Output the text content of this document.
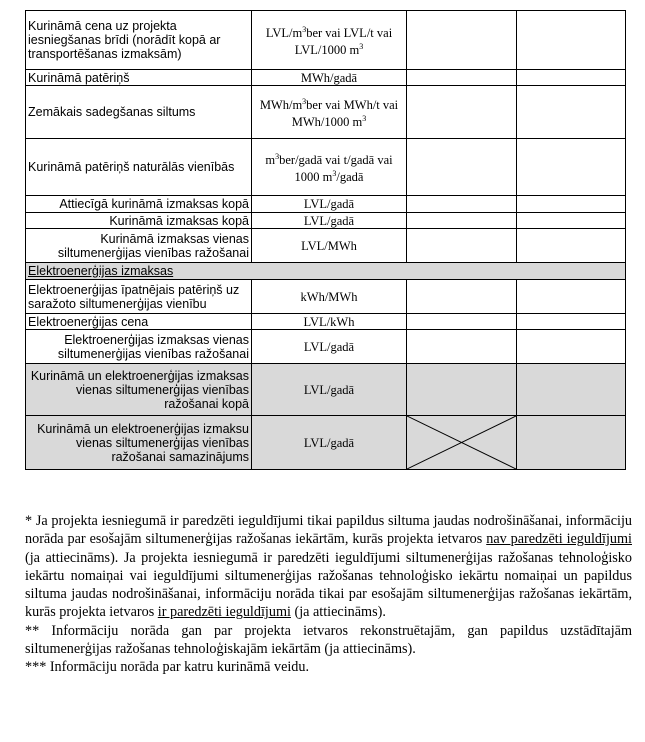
Kurināmā cena uz projekta iesniegšanas brīdi (norādīt kopā ar transportēšanas izmaksām)	LVL/$m^3ber$ vai LVL/t vai LVL/1000 $m^3$		
Kurināmā patēriņš	MWh/gadā		
Zemākais sadegšanas siltums	MWh/$m^3ber$ vai MWh/t vai MWh/1000 $m^3$		
Kurināmā patēriņš naturālās vienībās	$m^3ber$/gadā vai t/gadā vai 1000 $m^3$/gadā		
Attiecīgā kurināmā izmaksas kopā	LVL/gadā		
Kurināmā izmaksas kopā	LVL/gadā		
Kurināmā izmaksas vienas siltumenerģijas vienības ražošanai	LVL/MWh		
Elektroenerģijas izmaksas			
Elektroenerģijas īpatnējais patēriņš uz saražoto siltumenerģijas vienību	kWh/MWh		
Elektroenerģijas cena	LVL/kWh		
Elektroenerģijas izmaksas vienas siltumenerģijas vienības ražošanai	LVL/gadā		
Kurināmā un elektroenerģijas izmaksas vienas siltumenerģijas vienības ražošanai kopā	LVL/gadā		
Kurināmā un elektroenerģijas izmaksu vienas siltumenerģijas vienības ražošanai samazinājums	LVL/gadā	

* Ja projekta iesniegumā ir paredzēti ieguldījumi tikai papildus siltuma jaudas nodrošināšanai, informāciju norāda par esošajām siltumenerģijas ražošanas iekārtām, kurās projekta ietvaros nav paredzēti ieguldījumi (ja attiecināms). Ja projekta iesniegumā ir paredzēti ieguldījumi siltumenerģijas ražošanas tehnoloģisko iekārtu nomaiņai vai ieguldījumi siltumenerģijas ražošanas tehnoloģisko iekārtu nomaiņai un papildus siltuma jaudas nodrošināšanai, informāciju norāda tikai par esošajām siltumenerģijas ražošanas iekārtām, kurās projekta ietvaros ir paredzēti ieguldījumi (ja attiecināms).

** Informāciju norāda gan par projekta ietvaros rekonstruētajām, gan papildus uzstādītajām siltumenerģijas ražošanas tehnoloģiskajām iekārtām (ja attiecināms).

*** Informāciju norāda par katru kurināmā veidu.
